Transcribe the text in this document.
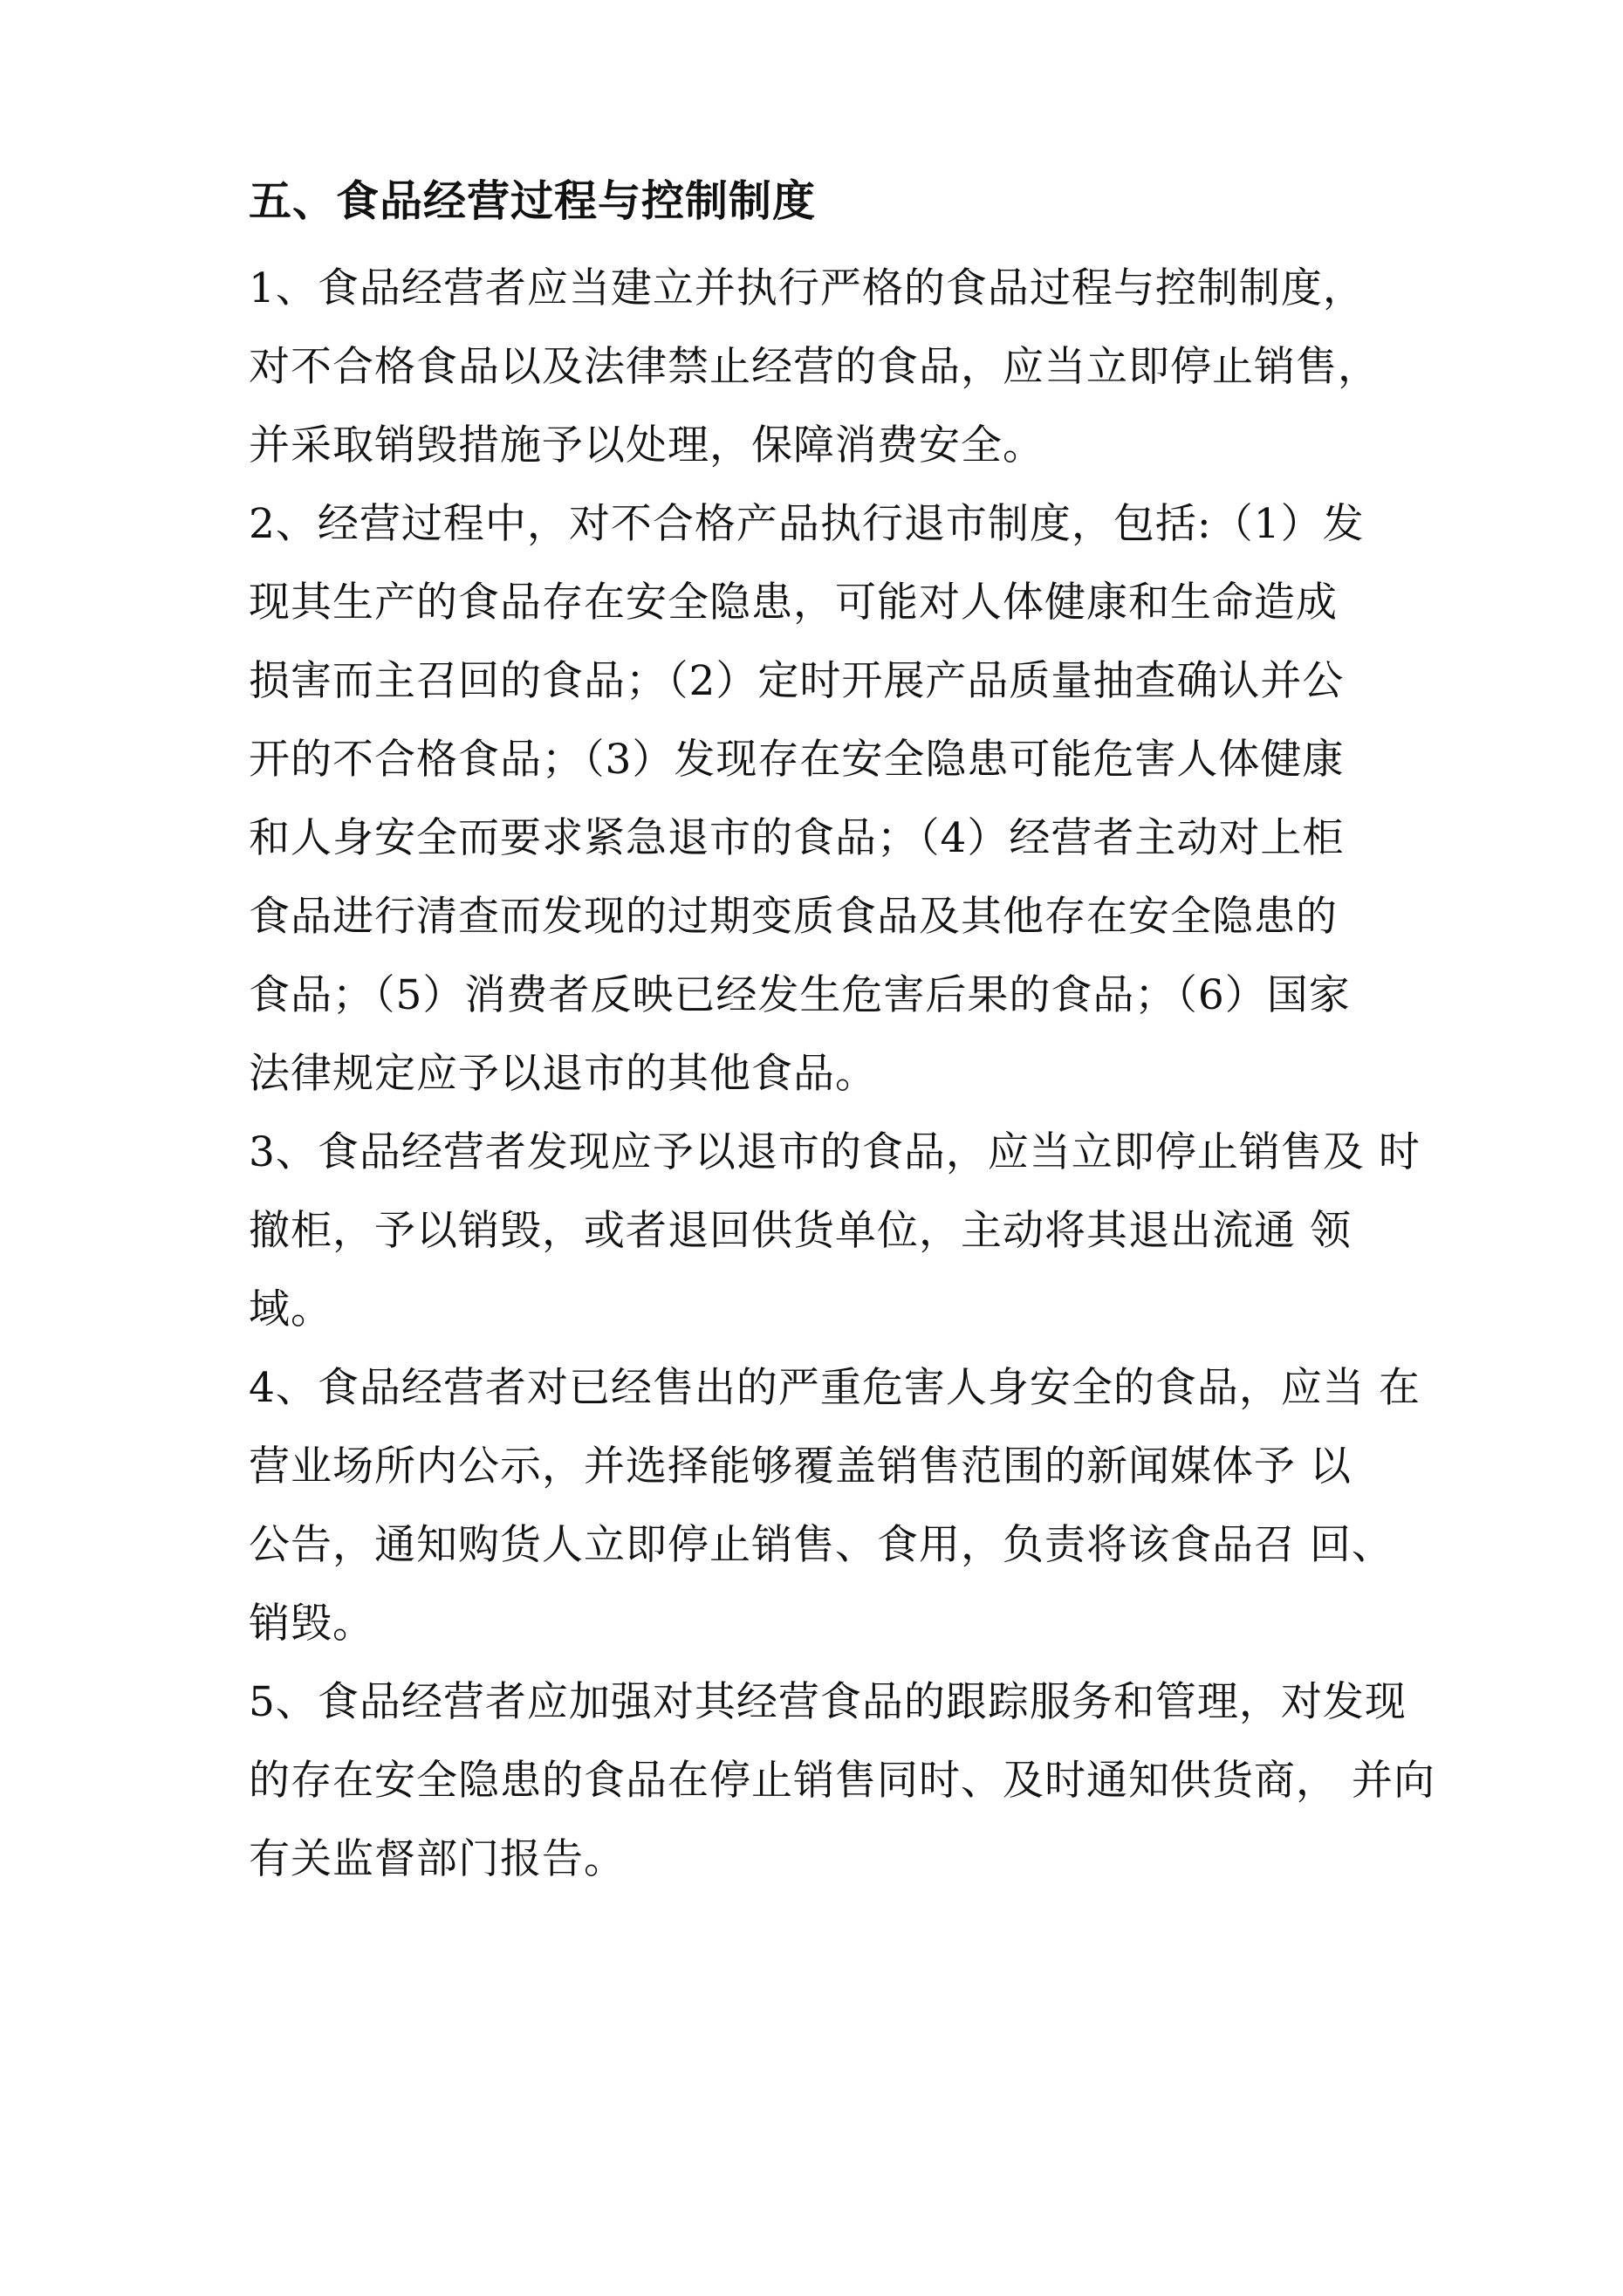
五、食品经营过程与控制制度
1、食品经营者应当建立并执行严格的食品过程与控制制度，
对不合格食品以及法律禁止经营的食品，应当立即停止销售，
并采取销毁措施予以处理，保障消费安全。
2、经营过程中，对不合格产品执行退市制度，包括:（1）发
现其生产的食品存在安全隐患，可能对人体健康和生命造成
损害而主召回的食品；（2）定时开展产品质量抽查确认并公
开的不合格食品；（3）发现存在安全隐患可能危害人体健康
和人身安全而要求紧急退市的食品；（4）经营者主动对上柜
食品进行清查而发现的过期变质食品及其他存在安全隐患的
食品；（5）消费者反映已经发生危害后果的食品；（6）国家
法律规定应予以退市的其他食品。
3、食品经营者发现应予以退市的食品，应当立即停止销售及 时
撤柜，予以销毁，或者退回供货单位，主动将其退出流通 领
域。
4、食品经营者对已经售出的严重危害人身安全的食品，应当 在
营业场所内公示，并选择能够覆盖销售范围的新闻媒体予 以
公告，通知购货人立即停止销售、食用，负责将该食品召 回、
销毁。
5、食品经营者应加强对其经营食品的跟踪服务和管理，对发现
的存在安全隐患的食品在停止销售同时、及时通知供货商， 并向
有关监督部门报告。
